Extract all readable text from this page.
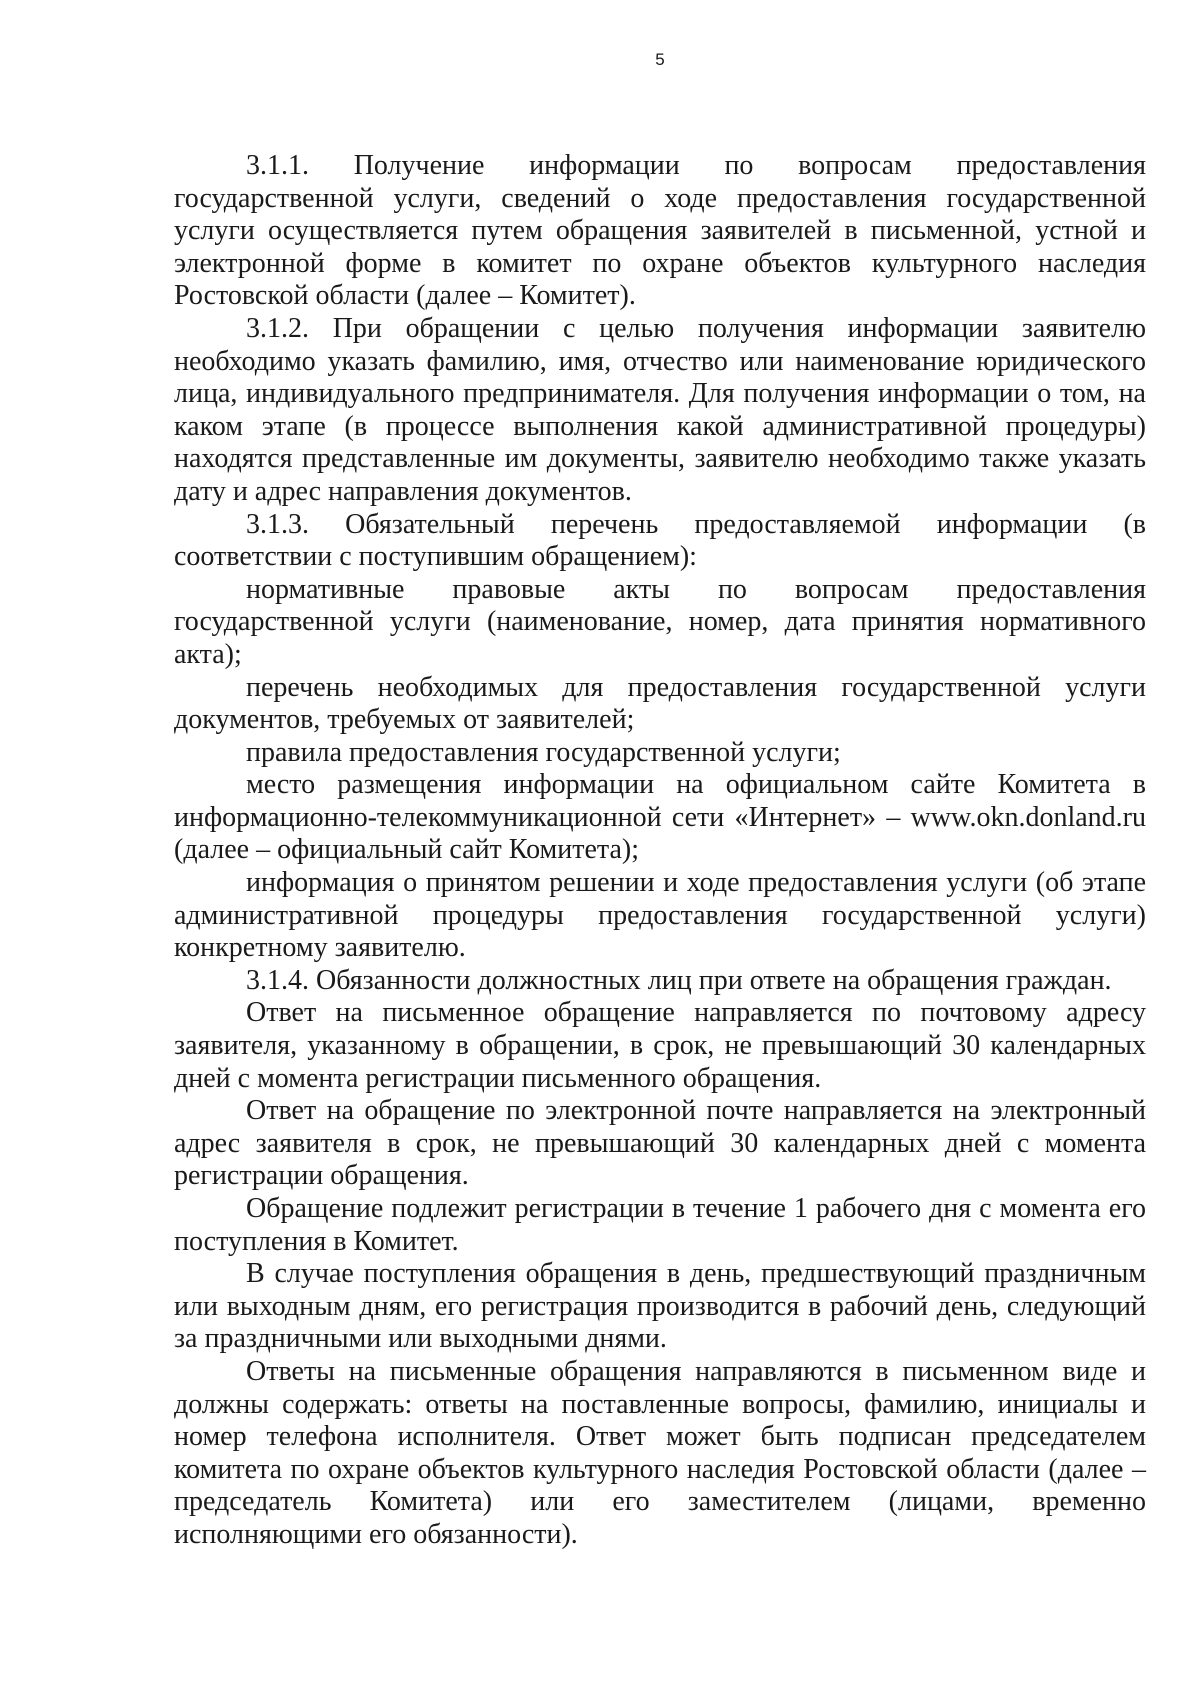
5

3.1.1. Получение информации по вопросам предоставления государственной услуги, сведений о ходе предоставления государственной услуги осуществляется путем обращения заявителей в письменной, устной и электронной форме в комитет по охране объектов культурного наследия Ростовской области (далее – Комитет).

3.1.2. При обращении с целью получения информации заявителю необходимо указать фамилию, имя, отчество или наименование юридического лица, индивидуального предпринимателя. Для получения информации о том, на каком этапе (в процессе выполнения какой административной процедуры) находятся представленные им документы, заявителю необходимо также указать дату и адрес направления документов.

3.1.3. Обязательный перечень предоставляемой информации (в соответствии с поступившим обращением):

нормативные правовые акты по вопросам предоставления государственной услуги (наименование, номер, дата принятия нормативного акта);

перечень необходимых для предоставления государственной услуги документов, требуемых от заявителей;

правила предоставления государственной услуги;

место размещения информации на официальном сайте Комитета в информационно-телекоммуникационной сети «Интернет» – www.okn.donland.ru (далее – официальный сайт Комитета);

информация о принятом решении и ходе предоставления услуги (об этапе административной процедуры предоставления государственной услуги) конкретному заявителю.

3.1.4. Обязанности должностных лиц при ответе на обращения граждан.

Ответ на письменное обращение направляется по почтовому адресу заявителя, указанному в обращении, в срок, не превышающий 30 календарных дней с момента регистрации письменного обращения.

Ответ на обращение по электронной почте направляется на электронный адрес заявителя в срок, не превышающий 30 календарных дней с момента регистрации обращения.

Обращение подлежит регистрации в течение 1 рабочего дня с момента его поступления в Комитет.

В случае поступления обращения в день, предшествующий праздничным или выходным дням, его регистрация производится в рабочий день, следующий за праздничными или выходными днями.

Ответы на письменные обращения направляются в письменном виде и должны содержать: ответы на поставленные вопросы, фамилию, инициалы и номер телефона исполнителя. Ответ может быть подписан председателем комитета по охране объектов культурного наследия Ростовской области (далее – председатель Комитета) или его заместителем (лицами, временно исполняющими его обязанности).
